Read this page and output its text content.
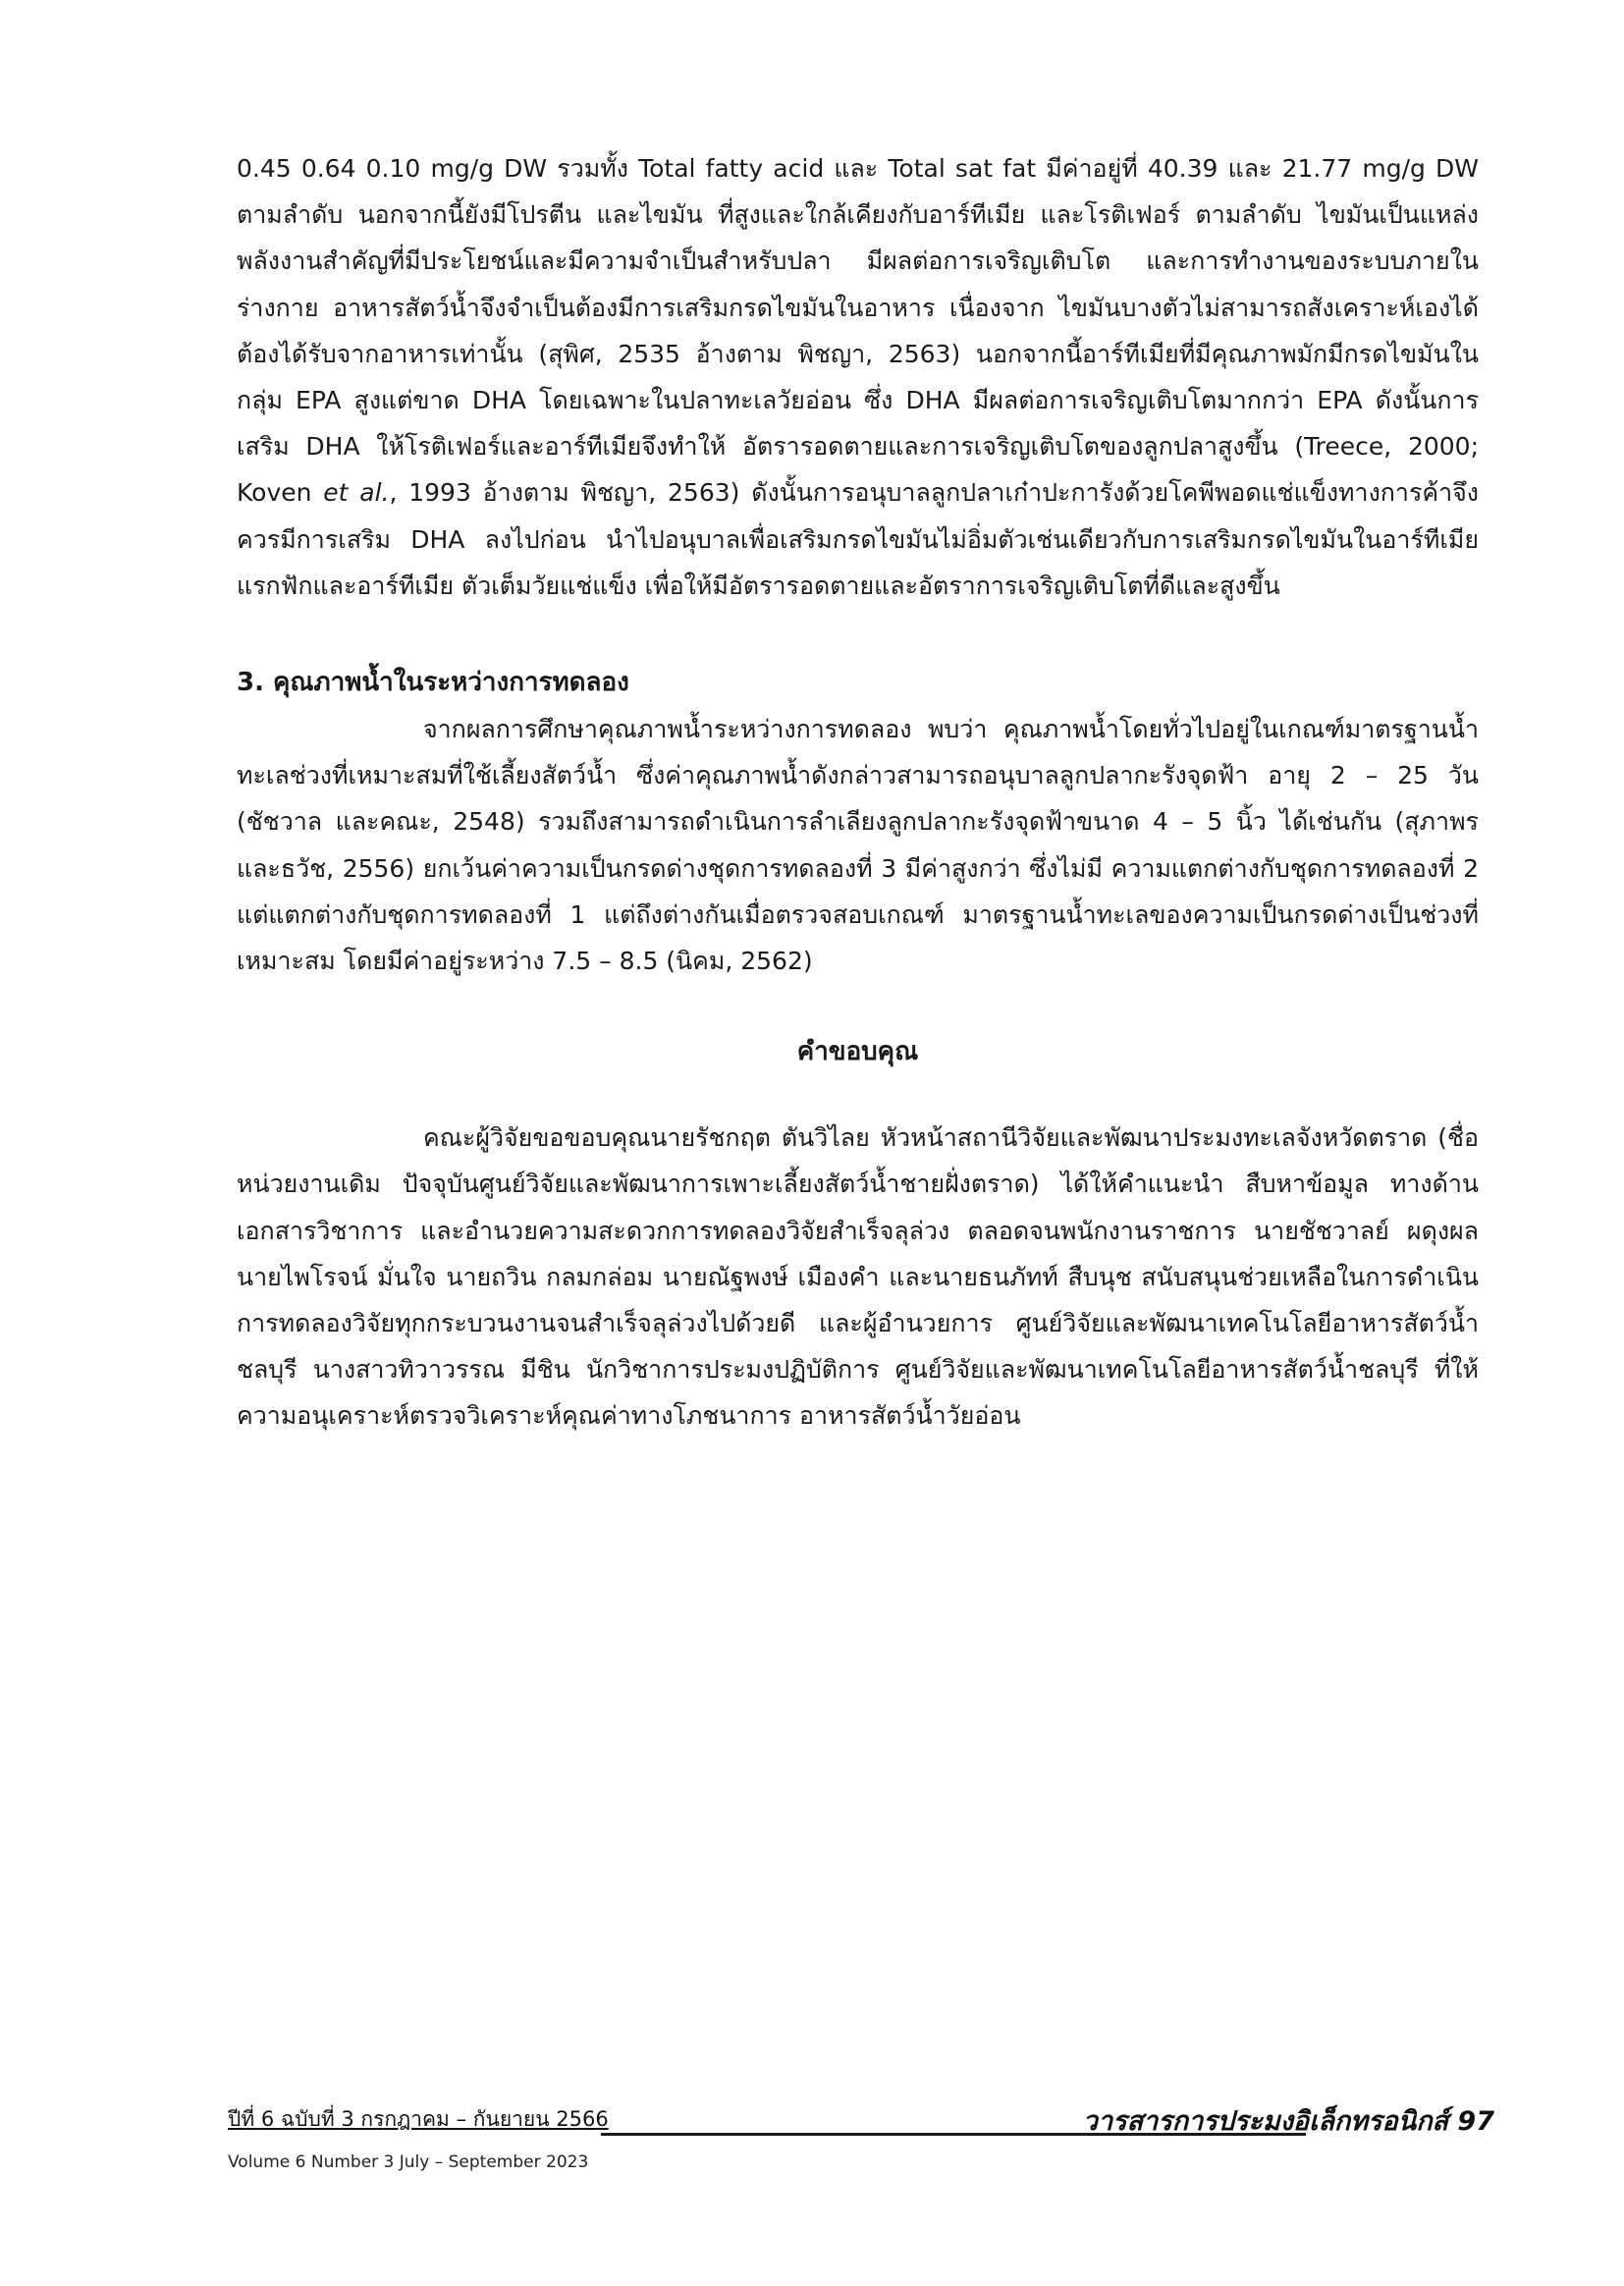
0.45 0.64 0.10 mg/g DW รวมทั้ง Total fatty acid และ Total sat fat มีค่าอยู่ที่ 40.39 และ 21.77 mg/g DW ตามลำดับ นอกจากนี้ยังมีโปรตีน และไขมัน ที่สูงและใกล้เคียงกับอาร์ทีเมีย และโรติเฟอร์ ตามลำดับ ไขมันเป็นแหล่งพลังงานสำคัญที่มีประโยชน์และมีความจำเป็นสำหรับปลา มีผลต่อการเจริญเติบโต และการทำงานของระบบภายในร่างกาย อาหารสัตว์น้ำจึงจำเป็นต้องมีการเสริมกรดไขมันในอาหาร เนื่องจาก ไขมันบางตัวไม่สามารถสังเคราะห์เองได้ต้องได้รับจากอาหารเท่านั้น (สุพิศ, 2535 อ้างตาม พิชญา, 2563) นอกจากนี้อาร์ทีเมียที่มีคุณภาพมักมีกรดไขมันในกลุ่ม EPA สูงแต่ขาด DHA โดยเฉพาะในปลาทะเลวัยอ่อน ซึ่ง DHA มีผลต่อการเจริญเติบโตมากกว่า EPA ดังนั้นการเสริม DHA ให้โรติเฟอร์และอาร์ทีเมียจึงทำให้ อัตรารอดตายและการเจริญเติบโตของลูกปลาสูงขึ้น (Treece, 2000; Koven et al., 1993 อ้างตาม พิชญา, 2563) ดังนั้นการอนุบาลลูกปลาเก๋าปะการังด้วยโคพีพอดแช่แข็งทางการค้าจึงควรมีการเสริม DHA ลงไปก่อน นำไปอนุบาลเพื่อเสริมกรดไขมันไม่อิ่มตัวเช่นเดียวกับการเสริมกรดไขมันในอาร์ทีเมียแรกฟักและอาร์ทีเมีย ตัวเต็มวัยแช่แข็ง เพื่อให้มีอัตรารอดตายและอัตราการเจริญเติบโตที่ดีและสูงขึ้น

3. คุณภาพน้ำในระหว่างการทดลอง

จากผลการศึกษาคุณภาพน้ำระหว่างการทดลอง พบว่า คุณภาพน้ำโดยทั่วไปอยู่ในเกณฑ์มาตรฐานน้ำทะเลช่วงที่เหมาะสมที่ใช้เลี้ยงสัตว์น้ำ ซึ่งค่าคุณภาพน้ำดังกล่าวสามารถอนุบาลลูกปลากะรังจุดฟ้า อายุ 2 – 25 วัน (ชัชวาล และคณะ, 2548) รวมถึงสามารถดำเนินการลำเลียงลูกปลากะรังจุดฟ้าขนาด 4 – 5 นิ้ว ได้เช่นกัน (สุภาพร และธวัช, 2556) ยกเว้นค่าความเป็นกรดด่างชุดการทดลองที่ 3 มีค่าสูงกว่า ซึ่งไม่มี ความแตกต่างกับชุดการทดลองที่ 2 แต่แตกต่างกับชุดการทดลองที่ 1 แต่ถึงต่างกันเมื่อตรวจสอบเกณฑ์ มาตรฐานน้ำทะเลของความเป็นกรดด่างเป็นช่วงที่เหมาะสม โดยมีค่าอยู่ระหว่าง 7.5 – 8.5 (นิคม, 2562)

คำขอบคุณ

คณะผู้วิจัยขอขอบคุณนายรัชกฤต ตันวิไลย หัวหน้าสถานีวิจัยและพัฒนาประมงทะเลจังหวัดตราด (ชื่อหน่วยงานเดิม ปัจจุบันศูนย์วิจัยและพัฒนาการเพาะเลี้ยงสัตว์น้ำชายฝั่งตราด) ได้ให้คำแนะนำ สืบหาข้อมูล ทางด้านเอกสารวิชาการ และอำนวยความสะดวกการทดลองวิจัยสำเร็จลุล่วง ตลอดจนพนักงานราชการ นายชัชวาลย์ ผดุงผล นายไพโรจน์ มั่นใจ นายถวิน กลมกล่อม นายณัฐพงษ์ เมืองคำ และนายธนภัทท์ สืบนุช สนับสนุนช่วยเหลือในการดำเนินการทดลองวิจัยทุกกระบวนงานจนสำเร็จลุล่วงไปด้วยดี และผู้อำนวยการ ศูนย์วิจัยและพัฒนาเทคโนโลยีอาหารสัตว์น้ำชลบุรี นางสาวทิวาวรรณ มีชิน นักวิชาการประมงปฏิบัติการ ศูนย์วิจัยและพัฒนาเทคโนโลยีอาหารสัตว์น้ำชลบุรี ที่ให้ความอนุเคราะห์ตรวจวิเคราะห์คุณค่าทางโภชนาการ อาหารสัตว์น้ำวัยอ่อน

ปีที่ 6 ฉบับที่ 3 กรกฎาคม – กันยายน 2566	วารสารการประมงอิเล็กทรอนิกส์ 97
Volume 6 Number 3 July – September 2023
